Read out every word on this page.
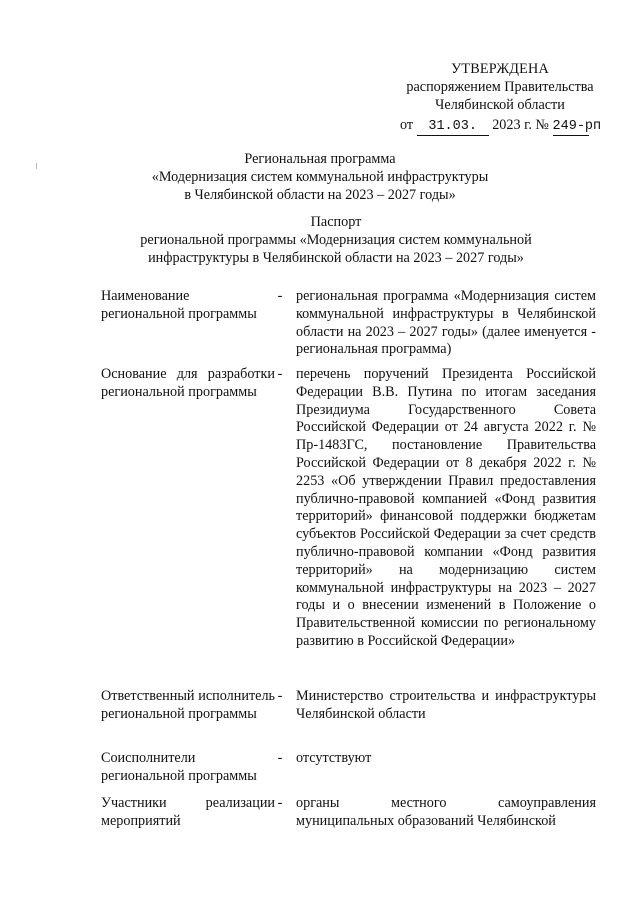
УТВЕРЖДЕНА
распоряжением Правительства
Челябинской области
от 31.03. 2023 г. № 249-рп
Региональная программа
«Модернизация систем коммунальной инфраструктуры
в Челябинской области на 2023 – 2027 годы»
Паспорт
региональной программы «Модернизация систем коммунальной инфраструктуры в Челябинской области на 2023 – 2027 годы»
Наименование региональной программы
- региональная программа «Модернизация систем коммунальной инфраструктуры в Челябинской области на 2023 – 2027 годы» (далее именуется - региональная программа)
Основание для разработки региональной программы
- перечень поручений Президента Российской Федерации В.В. Путина по итогам заседания Президиума Государственного Совета Российской Федерации от 24 августа 2022 г. № Пр-1483ГС, постановление Правительства Российской Федерации от 8 декабря 2022 г. № 2253 «Об утверждении Правил предоставления публично-правовой компанией «Фонд развития территорий» финансовой поддержки бюджетам субъектов Российской Федерации за счет средств публично-правовой компании «Фонд развития территорий» на модернизацию систем коммунальной инфраструктуры на 2023 – 2027 годы и о внесении изменений в Положение о Правительственной комиссии по региональному развитию в Российской Федерации»
Ответственный исполнитель региональной программы
- Министерство строительства и инфраструктуры Челябинской области
Соисполнители региональной программы
- отсутствуют
Участники реализации мероприятий
- органы местного самоуправления муниципальных образований Челябинской
